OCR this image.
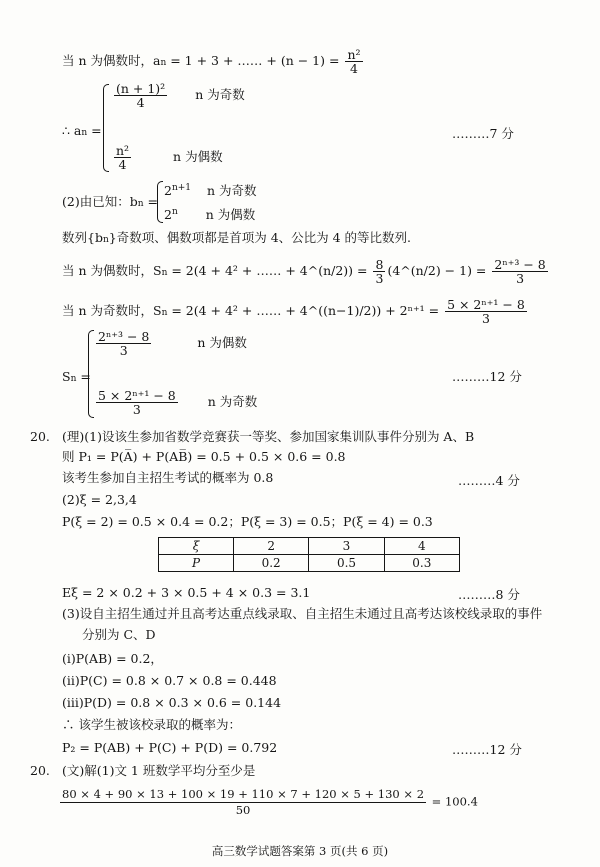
当 n 为偶数时，an = 1 + 3 + …… + $(n - 1) = \frac{\text{n²}}{4}$
∴ an =
$\frac{\text{(n + 1)²}}{4}$ n 为奇数
$\frac{\text{n²}}{4}$	n 为偶数
………7 分
(2)由已知：bn =
$2^{n+1}$ n 为奇数
2$^n$ n 为偶数
数列{bn}奇数项、偶数项都是首项为 4、公比为 4 的等比数列.
当 n 为偶数时，Sn = 2(4 + 4² + …… + 4^(n/2)) = $\frac{8}{3}$ (4^(n/2) − $1) = \frac{\text{2ⁿ⁺³ − 8}}{3}$
当 n 为奇数时，Sn = 2(4 + 4² + …… + 4^((n−1)/2)) + $2^{n+1} = \frac{\text{5 × 2ⁿ⁺¹ − 8}}{3}$
Sn =
$\frac{\text{2ⁿ⁺³ − 8}}{3}$	n 为偶数
$\frac{\text{5 × 2ⁿ⁺¹ − 8}}{3}$ n 为奇数
………12 分
20. (理)(1)设该生参加省数学竞赛获一等奖、参加国家集训队事件分别为 A、B
则 P₁ = P(A̅) + P(AB̅) = 0.5 + 0.5 × 0.6 = 0.8
该考生参加自主招生考试的概率为 0.8	………4 分
(2)ξ = 2,3,4
P(ξ = 2) = 0.5 × 0.4 = 0.2；P(ξ = 3) = 0.5；P(ξ = 4) = 0.3
ξ	2	3	4
P	0.2	0.5	0.3
Eξ = 2 × 0.2 + 3 × 0.5 + 4 × 0.3 = 3.1	………8 分
(3)设自主招生通过并且高考达重点线录取、自主招生未通过且高考达该校线录取的事件
分别为 C、D
(i)P(AB) = 0.2，
(ii)P(C) = 0.8 × 0.7 × 0.8 = 0.448
(iii)P(D) = 0.8 × 0.3 × 0.6 = 0.144
∴ 该学生被该校录取的概率为：
P₂ = P(AB) + P(C) + P(D) = 0.792	………12 分
20. (文)解(1)文 1 班数学平均分至少是
$\frac{80 \times 4 + 90 \times 13 + 100 \times 19 + 110 \times 7 + 120 \times 5 + 130 \times 2}{50} = 100.4$
高三数学试题答案第 3 页(共 6 页)
